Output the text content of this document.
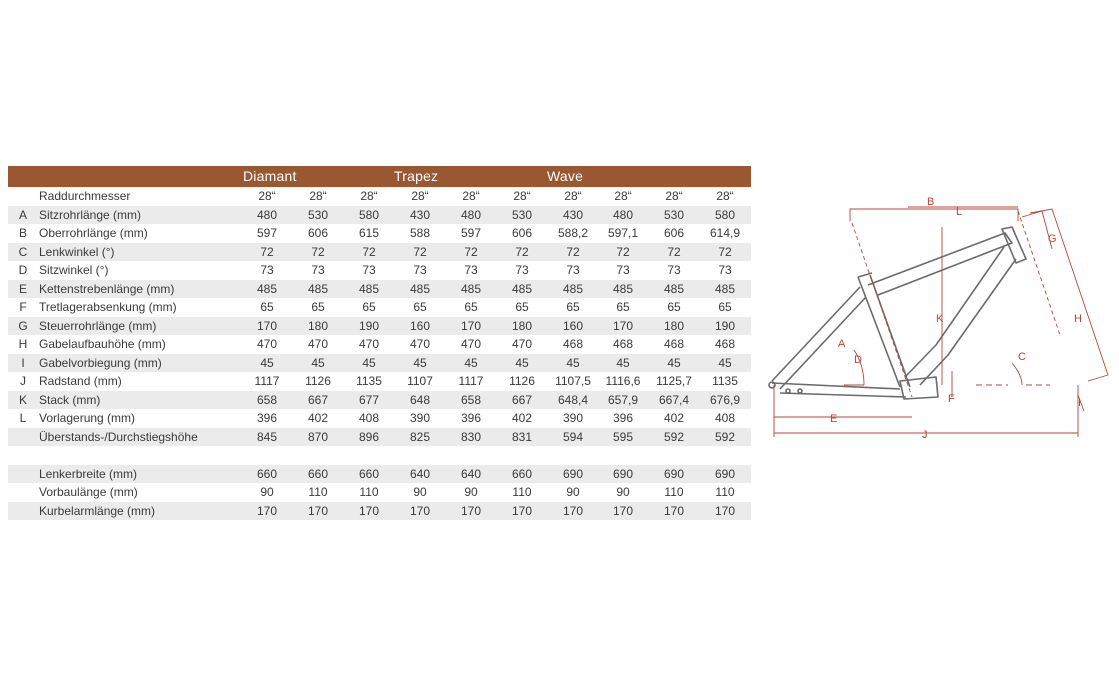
Diamant	Trapez	Wave
Raddurchmesser	28“	28“	28“	28“	28“	28“	28“	28“	28“	28“
A	Sitzrohrlänge (mm)	480	530	580	430	480	530	430	480	530	580
B	Oberrohrlänge (mm)	597	606	615	588	597	606	588,2	597,1	606	614,9
C Lenkwinkel (°)	72	72	72	72	72	72	72	72	72	72
D Sitzwinkel (°)	73	73	73	73	73	73	73	73	73	73
E	Kettenstrebenlänge (mm)	485	485	485	485	485	485	485	485	485	485
F	Tretlagerabsenkung (mm)	65	65	65	65	65	65	65	65	65	65
G Steuerrohrlänge (mm)	170	180	190	160	170	180	160	170	180	190
H Gabelaufbauhöhe (mm)	470	470	470	470	470	470	468	468	468	468
I	Gabelvorbiegung (mm)	45	45	45	45	45	45	45	45	45	45
J	Radstand (mm)	1117	1126	1135	1107	1117	1126	1107,5	1116,6	1125,7	1135
K	Stack (mm)	658	667	677	648	658	667	648,4	657,9	667,4	676,9
L	Vorlagerung (mm)	396	402	408	390	396	402	390	396	402	408
Überstands-/Durchstiegshöhe	845	870	896	825	830	831	594	595	592	592
Lenkerbreite (mm)	660	660	660	640	640	660	690	690	690	690
Vorbaulänge (mm)	90	110	110	90	90	110	90	90	110	110
Kurbelarmlänge (mm)	170	170	170	170	170	170	170	170	170	170
B
L
A
D
K
G
H
C
F
E
J
I
